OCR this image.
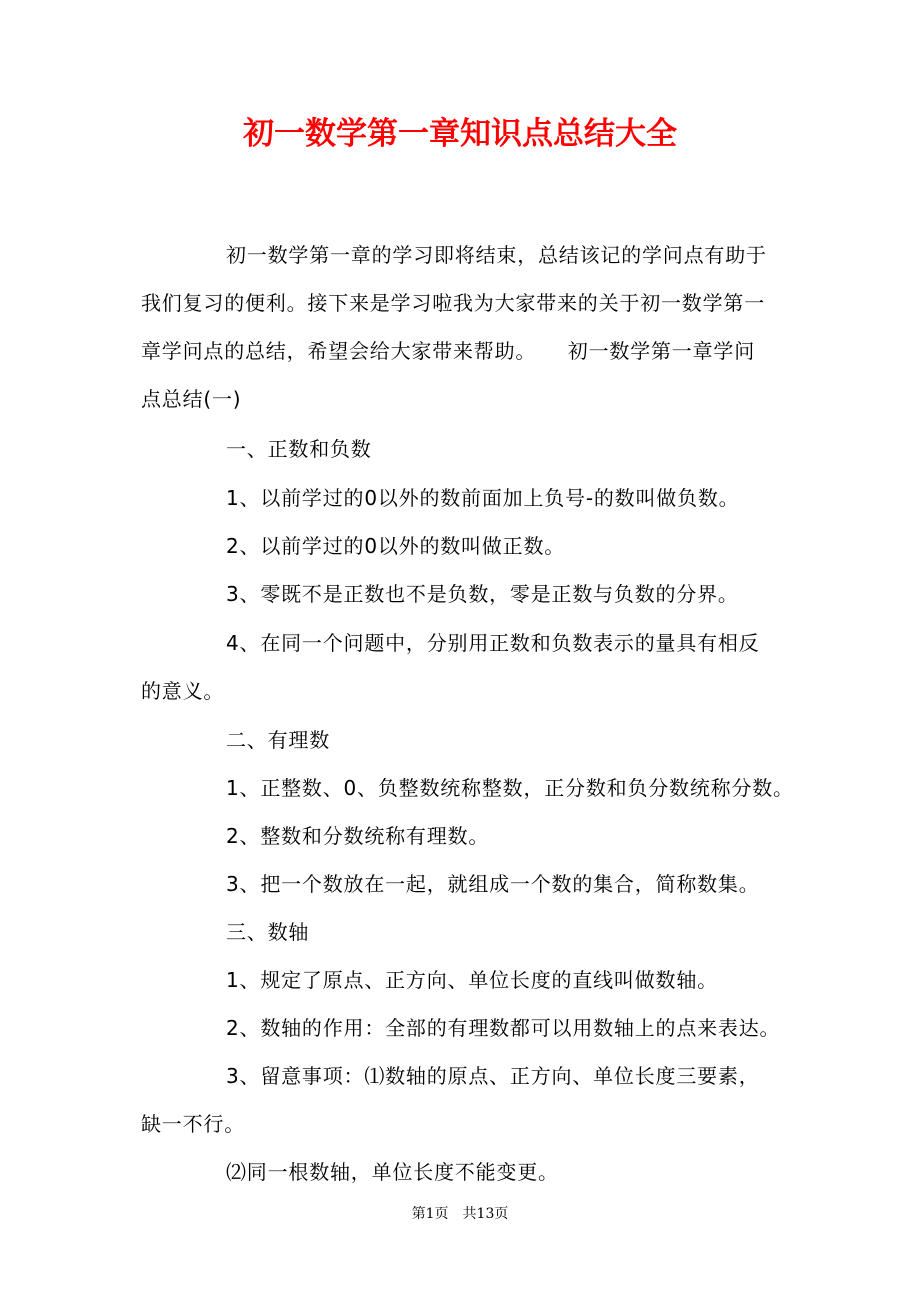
初一数学第一章知识点总结大全

初一数学第一章的学习即将结束，总结该记的学问点有助于

我们复习的便利。接下来是学习啦我为大家带来的关于初一数学第一

章学问点的总结，希望会给大家带来帮助。　　初一数学第一章学问

点总结(一)

一、正数和负数

1、以前学过的0以外的数前面加上负号-的数叫做负数。

2、以前学过的0以外的数叫做正数。

3、零既不是正数也不是负数，零是正数与负数的分界。

4、在同一个问题中，分别用正数和负数表示的量具有相反

的意义。

二、有理数

1、正整数、0、负整数统称整数，正分数和负分数统称分数。

2、整数和分数统称有理数。

3、把一个数放在一起，就组成一个数的集合，简称数集。

三、数轴

1、规定了原点、正方向、单位长度的直线叫做数轴。

2、数轴的作用：全部的有理数都可以用数轴上的点来表达。

3、留意事项：⑴数轴的原点、正方向、单位长度三要素，

缺一不行。

⑵同一根数轴，单位长度不能变更。

第1页 共13页
